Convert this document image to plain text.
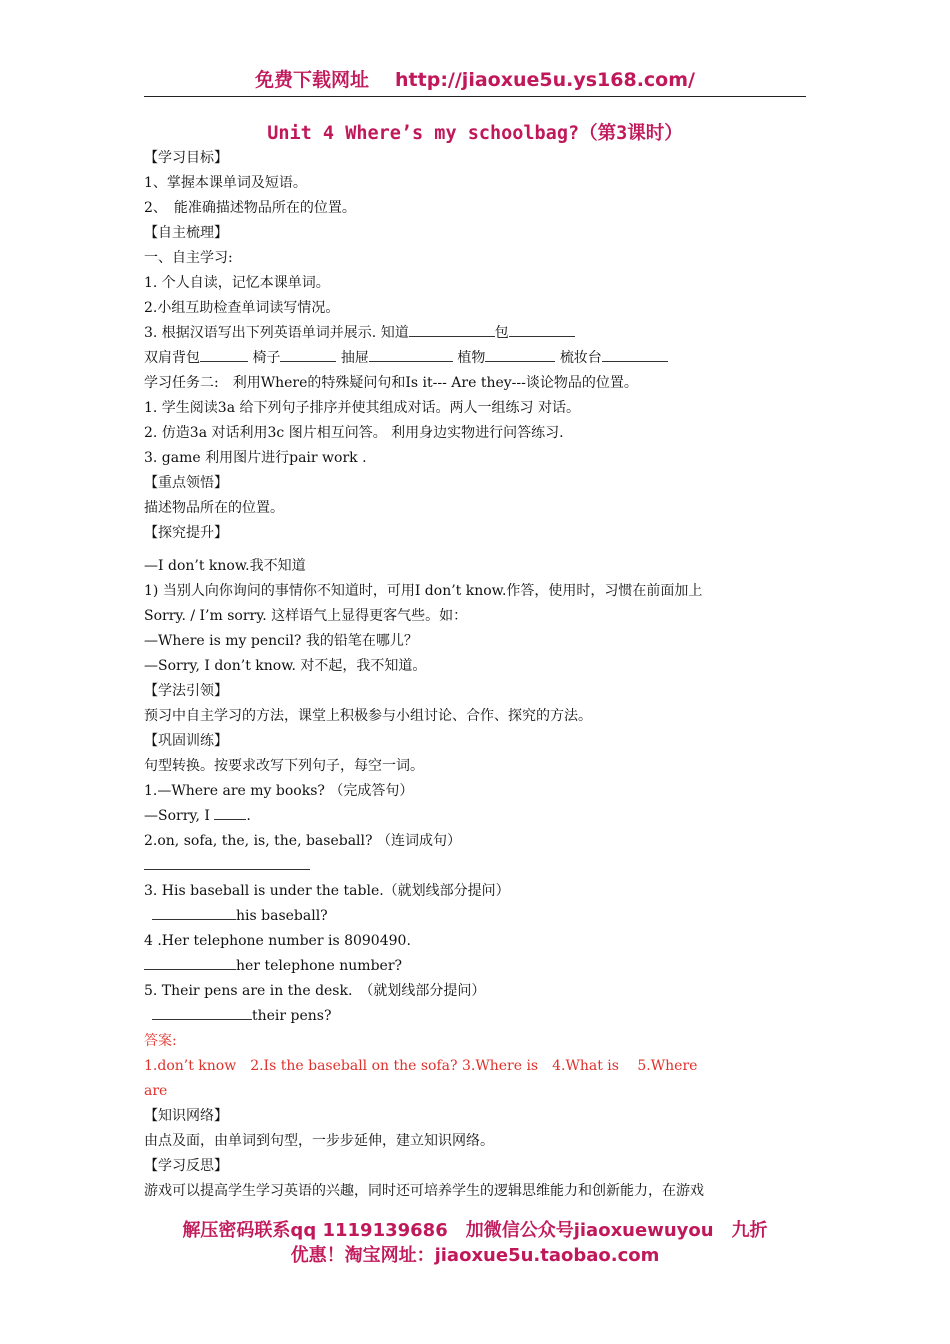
免费下载网址 http://jiaoxue5u.ys168.com/
Unit 4 Where’s my schoolbag?（第3课时）
【学习目标】
1、掌握本课单词及短语。
2、　能准确描述物品所在的位置。
【自主梳理】
一、自主学习:
1. 个人自读，记忆本课单词。
2.小组互助检查单词读写情况。
3. 根据汉语写出下列英语单词并展示. 知道	包
双肩背包	椅子	抽屉	植物	梳妆台
学习任务二:　利用Where的特殊疑问句和Is it--- Are they---谈论物品的位置。
1. 学生阅读3a 给下列句子排序并使其组成对话。两人一组练习 对话。
2. 仿造3a 对话利用3c 图片相互问答。 利用身边实物进行问答练习.
3. game 利用图片进行pair work .
【重点领悟】
描述物品所在的位置。
【探究提升】
—I don’t know.我不知道
1) 当别人向你询问的事情你不知道时，可用I don’t know.作答，使用时，习惯在前面加上
Sorry. / I’m sorry. 这样语气上显得更客气些。如：
—Where is my pencil? 我的铅笔在哪儿？
—Sorry, I don’t know. 对不起，我不知道。
【学法引领】
预习中自主学习的方法，课堂上积极参与小组讨论、合作、探究的方法。
【巩固训练】
句型转换。按要求改写下列句子，每空一词。
1.—Where are my books? （完成答句）
—Sorry, I .
2.on, sofa, the, is, the, baseball? （连词成句）
3. His baseball is under the table.（就划线部分提问）
his baseball?
4 .Her telephone number is 8090490.
her telephone number?
5. Their pens are in the desk.　（就划线部分提问）
their pens?
答案:
1.don’t know　2.Is the baseball on the sofa? 3.Where is　4.What is　 5.Where
are
【知识网络】
由点及面，由单词到句型，一步步延伸，建立知识网络。
【学习反思】
游戏可以提高学生学习英语的兴趣，同时还可培养学生的逻辑思维能力和创新能力，在游戏
解压密码联系qq 1119139686　加微信公众号jiaoxuewuyou　九折
优惠！淘宝网址：jiaoxue5u.taobao.com
